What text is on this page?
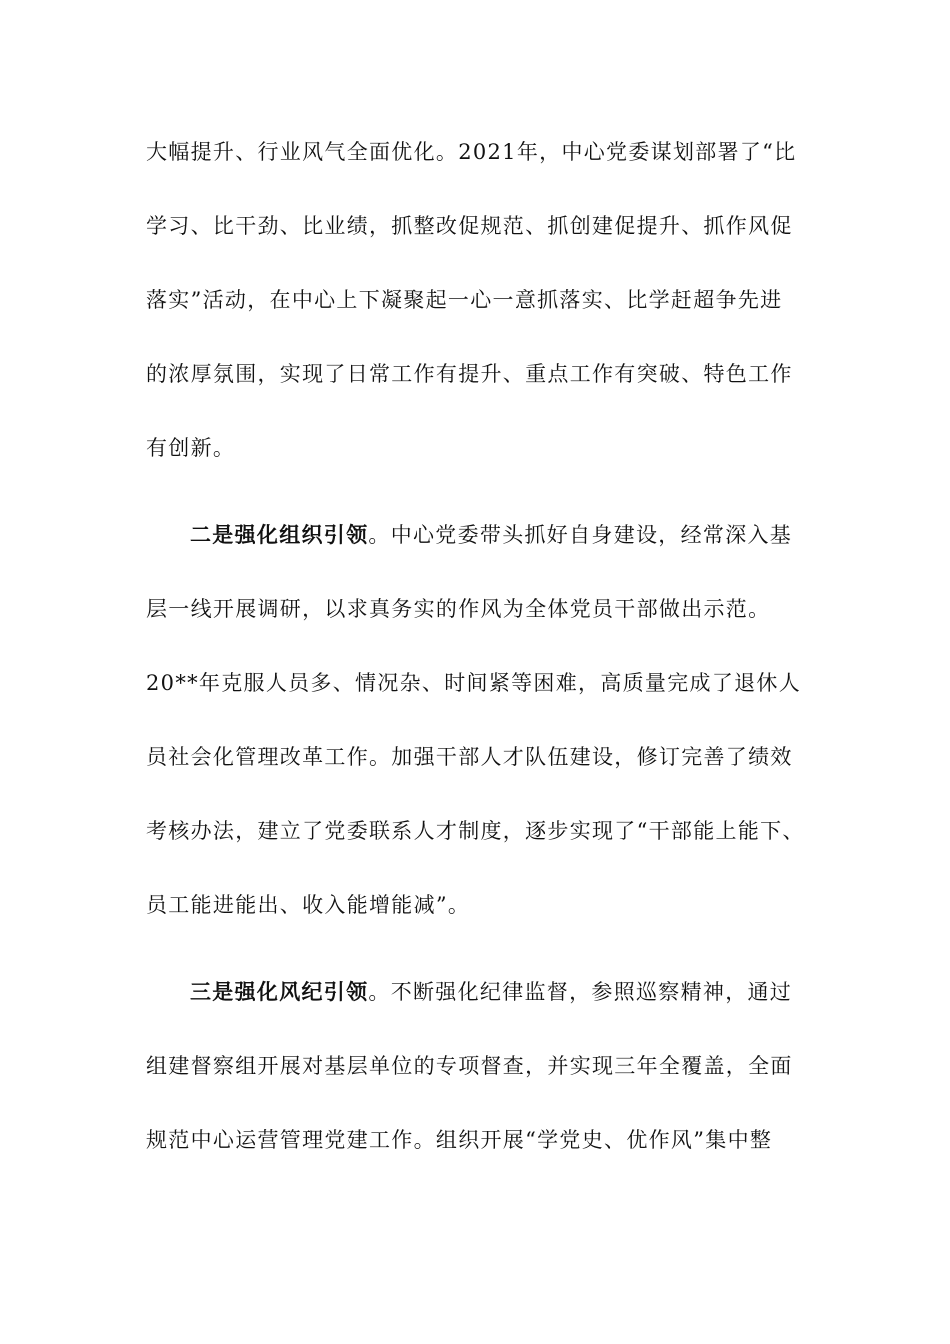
大幅提升、行业风气全面优化。2021年，中心党委谋划部署了“比
学习、比干劲、比业绩，抓整改促规范、抓创建促提升、抓作风促
落实”活动，在中心上下凝聚起一心一意抓落实、比学赶超争先进
的浓厚氛围，实现了日常工作有提升、重点工作有突破、特色工作
有创新。
二是强化组织引领。中心党委带头抓好自身建设，经常深入基
层一线开展调研，以求真务实的作风为全体党员干部做出示范。
20**年克服人员多、情况杂、时间紧等困难，高质量完成了退休人
员社会化管理改革工作。加强干部人才队伍建设，修订完善了绩效
考核办法，建立了党委联系人才制度，逐步实现了“干部能上能下、
员工能进能出、收入能增能减”。
三是强化风纪引领。不断强化纪律监督，参照巡察精神，通过
组建督察组开展对基层单位的专项督查，并实现三年全覆盖，全面
规范中心运营管理党建工作。组织开展“学党史、优作风”集中整
